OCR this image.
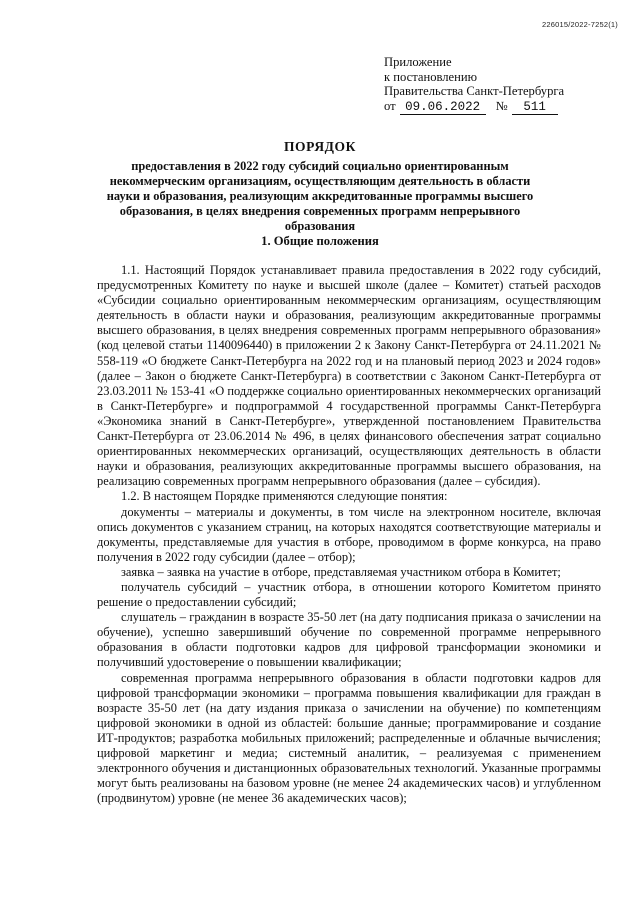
226015/2022-7252(1)
Приложение
к постановлению
Правительства Санкт-Петербурга
от 09.06.2022	№	511
ПОРЯДОК
предоставления в 2022 году субсидий социально ориентированным некоммерческим организациям, осуществляющим деятельность в области науки и образования, реализующим аккредитованные программы высшего образования, в целях внедрения современных программ непрерывного образования
1. Общие положения

1.1. Настоящий Порядок устанавливает правила предоставления в 2022 году субсидий, предусмотренных Комитету по науке и высшей школе (далее – Комитет) статьей расходов «Субсидии социально ориентированным некоммерческим организациям, осуществляющим деятельность в области науки и образования, реализующим аккредитованные программы высшего образования, в целях внедрения современных программ непрерывного образования» (код целевой статьи 1140096440) в приложении 2 к Закону Санкт-Петербурга от 24.11.2021 № 558-119 «О бюджете Санкт-Петербурга на 2022 год и на плановый период 2023 и 2024 годов» (далее – Закон о бюджете Санкт-Петербурга) в соответствии с Законом Санкт-Петербурга от 23.03.2011 № 153-41 «О поддержке социально ориентированных некоммерческих организаций в Санкт-Петербурге» и подпрограммой 4 государственной программы Санкт-Петербурга «Экономика знаний в Санкт-Петербурге», утвержденной постановлением Правительства Санкт-Петербурга от 23.06.2014 № 496, в целях финансового обеспечения затрат социально ориентированных некоммерческих организаций, осуществляющих деятельность в области науки и образования, реализующих аккредитованные программы высшего образования, на реализацию современных программ непрерывного образования (далее – субсидия).

1.2. В настоящем Порядке применяются следующие понятия:

документы – материалы и документы, в том числе на электронном носителе, включая опись документов с указанием страниц, на которых находятся соответствующие материалы и документы, представляемые для участия в отборе, проводимом в форме конкурса, на право получения в 2022 году субсидии (далее – отбор);

заявка – заявка на участие в отборе, представляемая участником отбора в Комитет;

получатель субсидий – участник отбора, в отношении которого Комитетом принято решение о предоставлении субсидий;

слушатель – гражданин в возрасте 35-50 лет (на дату подписания приказа о зачислении на обучение), успешно завершивший обучение по современной программе непрерывного образования в области подготовки кадров для цифровой трансформации экономики и получивший удостоверение о повышении квалификации;

современная программа непрерывного образования в области подготовки кадров для цифровой трансформации экономики – программа повышения квалификации для граждан в возрасте 35-50 лет (на дату издания приказа о зачислении на обучение) по компетенциям цифровой экономики в одной из областей: большие данные; программирование и создание ИТ-продуктов; разработка мобильных приложений; распределенные и облачные вычисления; цифровой маркетинг и медиа; системный аналитик, – реализуемая с применением электронного обучения и дистанционных образовательных технологий. Указанные программы могут быть реализованы на базовом уровне (не менее 24 академических часов) и углубленном (продвинутом) уровне (не менее 36 академических часов);
